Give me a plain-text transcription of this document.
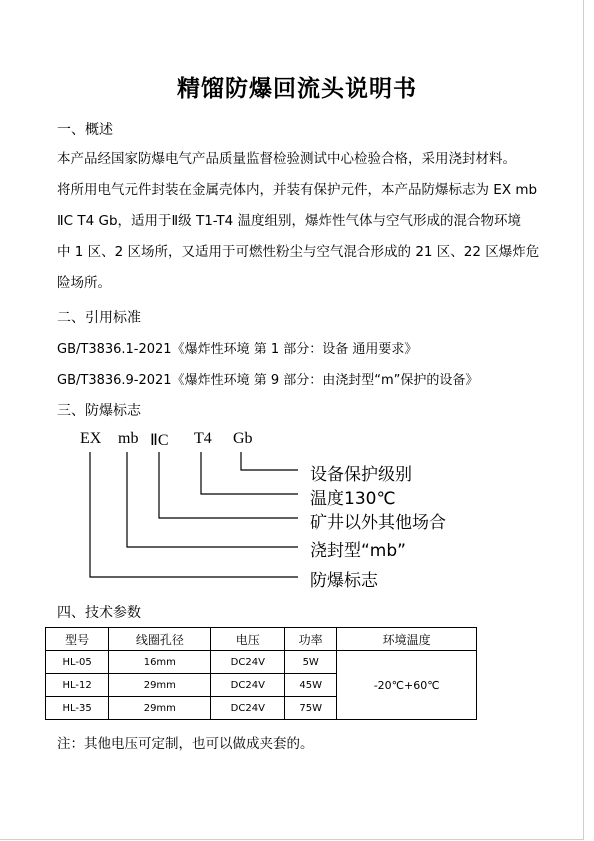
精馏防爆回流头说明书
一、概述
本产品经国家防爆电气产品质量监督检验测试中心检验合格，采用浇封材料。
将所用电气元件封装在金属壳体内，并装有保护元件，本产品防爆标志为 EX mb
ⅡC T4 Gb，适用于Ⅱ级 T1-T4 温度组别，爆炸性气体与空气形成的混合物环境
中 1 区、2 区场所，又适用于可燃性粉尘与空气混合形成的 21 区、22 区爆炸危
险场所。
二、引用标准
GB/T3836.1-2021《爆炸性环境 第 1 部分：设备 通用要求》
GB/T3836.9-2021《爆炸性环境 第 9 部分：由浇封型“m”保护的设备》
三、防爆标志
EX mb ⅡC T4 Gb
设备保护级别
温度130℃
矿井以外其他场合
浇封型“mb”
防爆标志
四、技术参数
型号	线圈孔径	电压	功率	环境温度
HL-05	16mm	DC24V	5W	-20℃+60℃
HL-12	29mm	DC24V	45W	
HL-35	29mm	DC24V	75W	
注：其他电压可定制，也可以做成夹套的。
